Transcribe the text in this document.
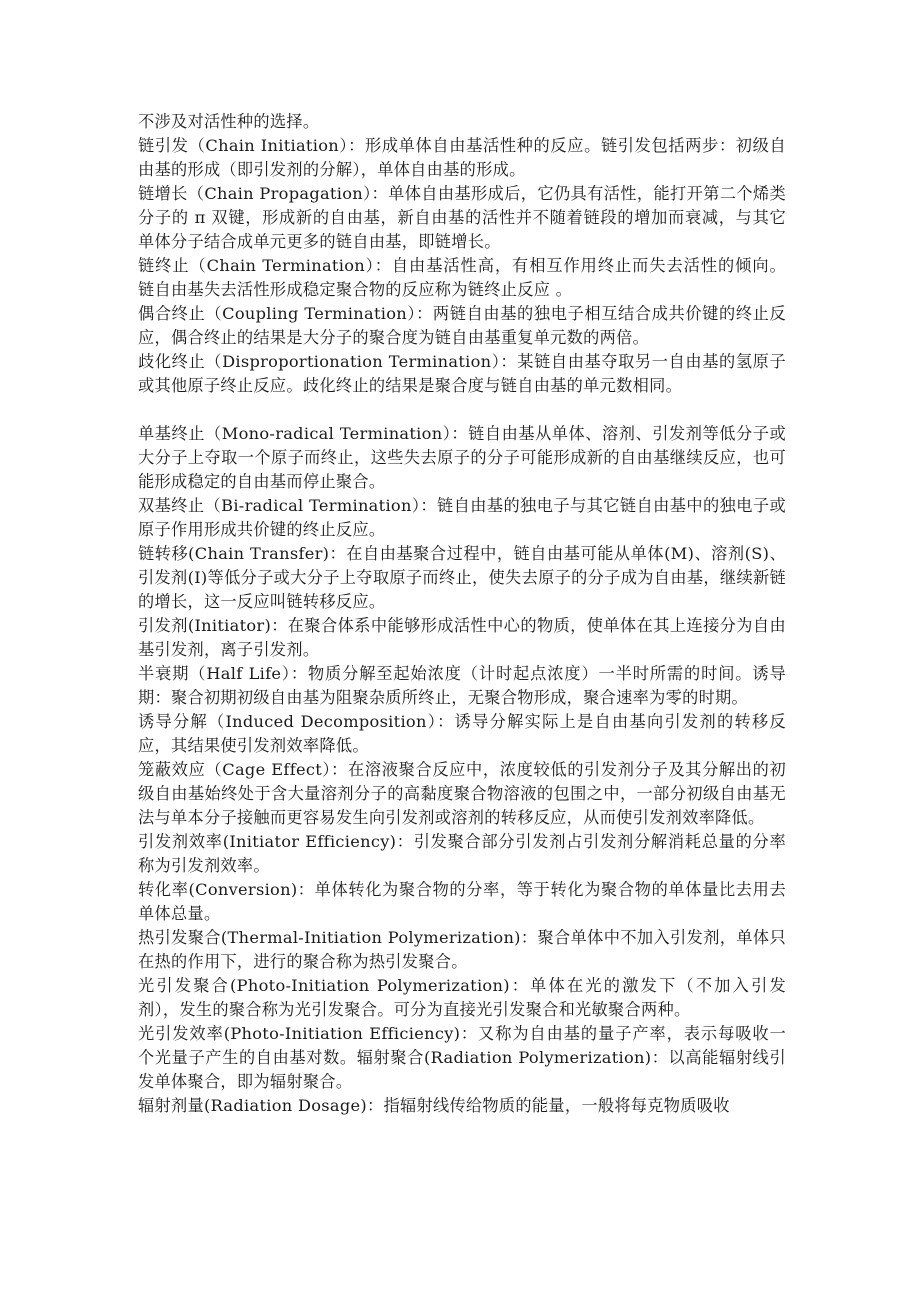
不涉及对活性种的选择。

链引发（Chain Initiation）：形成单体自由基活性种的反应。链引发包括两步：初级自由基的形成（即引发剂的分解），单体自由基的形成。

链增长（Chain Propagation）：单体自由基形成后，它仍具有活性，能打开第二个烯类分子的 π 双键，形成新的自由基，新自由基的活性并不随着链段的增加而衰减，与其它单体分子结合成单元更多的链自由基，即链增长。

链终止（Chain Termination）：自由基活性高，有相互作用终止而失去活性的倾向。 链自由基失去活性形成稳定聚合物的反应称为链终止反应 。

偶合终止（Coupling Termination）：两链自由基的独电子相互结合成共价键的终止反应，偶合终止的结果是大分子的聚合度为链自由基重复单元数的两倍。

歧化终止（Disproportionation Termination）：某链自由基夺取另一自由基的氢原子或其他原子终止反应。歧化终止的结果是聚合度与链自由基的单元数相同。

单基终止（Mono-radical Termination）：链自由基从单体、溶剂、引发剂等低分子或大分子上夺取一个原子而终止，这些失去原子的分子可能形成新的自由基继续反应，也可能形成稳定的自由基而停止聚合。

双基终止（Bi-radical Termination）：链自由基的独电子与其它链自由基中的独电子或原子作用形成共价键的终止反应。

链转移(Chain Transfer)：在自由基聚合过程中，链自由基可能从单体(M)、溶剂(S)、引发剂(I)等低分子或大分子上夺取原子而终止，使失去原子的分子成为自由基，继续新链的增长，这一反应叫链转移反应。

引发剂(Initiator)：在聚合体系中能够形成活性中心的物质，使单体在其上连接分为自由基引发剂，离子引发剂。

半衰期（Half Life）：物质分解至起始浓度（计时起点浓度）一半时所需的时间。诱导期：聚合初期初级自由基为阻聚杂质所终止，无聚合物形成，聚合速率为零的时期。

诱导分解（Induced Decomposition）：诱导分解实际上是自由基向引发剂的转移反应，其结果使引发剂效率降低。

笼蔽效应（Cage Effect）：在溶液聚合反应中，浓度较低的引发剂分子及其分解出的初级自由基始终处于含大量溶剂分子的高黏度聚合物溶液的包围之中，一部分初级自由基无法与单本分子接触而更容易发生向引发剂或溶剂的转移反应，从而使引发剂效率降低。

引发剂效率(Initiator Efficiency)：引发聚合部分引发剂占引发剂分解消耗总量的分率称为引发剂效率。

转化率(Conversion)：单体转化为聚合物的分率，等于转化为聚合物的单体量比去用去单体总量。

热引发聚合(Thermal-Initiation Polymerization)：聚合单体中不加入引发剂，单体只在热的作用下，进行的聚合称为热引发聚合。

光引发聚合(Photo-Initiation Polymerization)：单体在光的激发下（不加入引发剂），发生的聚合称为光引发聚合。可分为直接光引发聚合和光敏聚合两种。

光引发效率(Photo-Initiation Efficiency)：又称为自由基的量子产率，表示每吸收一个光量子产生的自由基对数。辐射聚合(Radiation Polymerization)：以高能辐射线引发单体聚合，即为辐射聚合。

辐射剂量(Radiation Dosage)：指辐射线传给物质的能量，一般将每克物质吸收
